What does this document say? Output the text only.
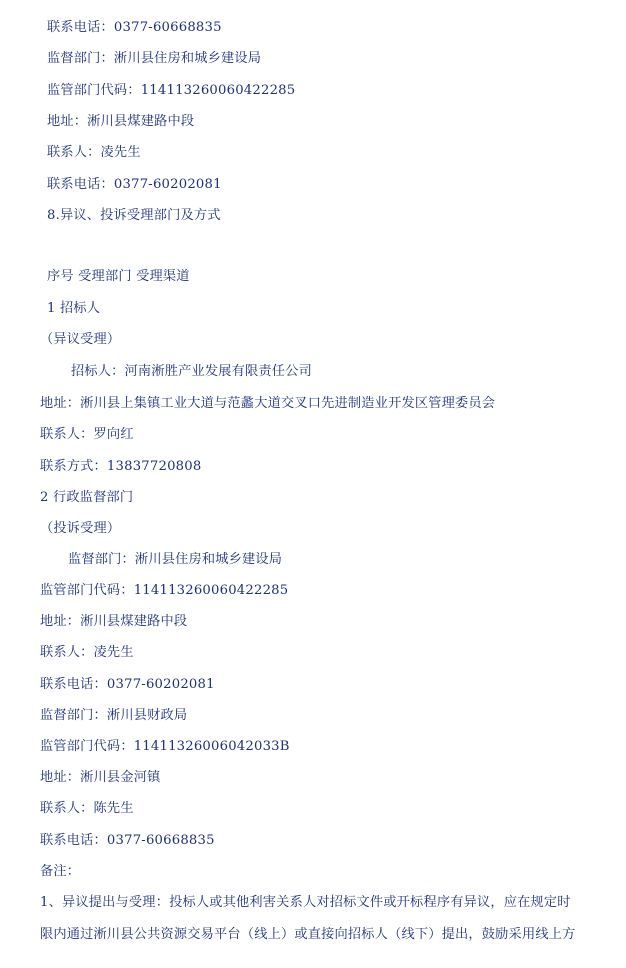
联系电话：0377-60668835
监督部门：淅川县住房和城乡建设局
监管部门代码：114113260060422285
地址：淅川县煤建路中段
联系人：凌先生
联系电话：0377-60202081
8.异议、投诉受理部门及方式
序号 受理部门 受理渠道
1 招标人
（异议受理）
招标人：河南淅胜产业发展有限责任公司
地址：淅川县上集镇工业大道与范蠡大道交叉口先进制造业开发区管理委员会
联系人：罗向红
联系方式：13837720808
2 行政监督部门
（投诉受理）
监督部门：淅川县住房和城乡建设局
监管部门代码：114113260060422285
地址：淅川县煤建路中段
联系人：凌先生
联系电话：0377-60202081
监督部门：淅川县财政局
监管部门代码：11411326006042033B
地址：淅川县金河镇
联系人：陈先生
联系电话：0377-60668835
备注：
1、异议提出与受理：投标人或其他利害关系人对招标文件或开标程序有异议，应在规定时
限内通过淅川县公共资源交易平台（线上）或直接向招标人（线下）提出，鼓励采用线上方
